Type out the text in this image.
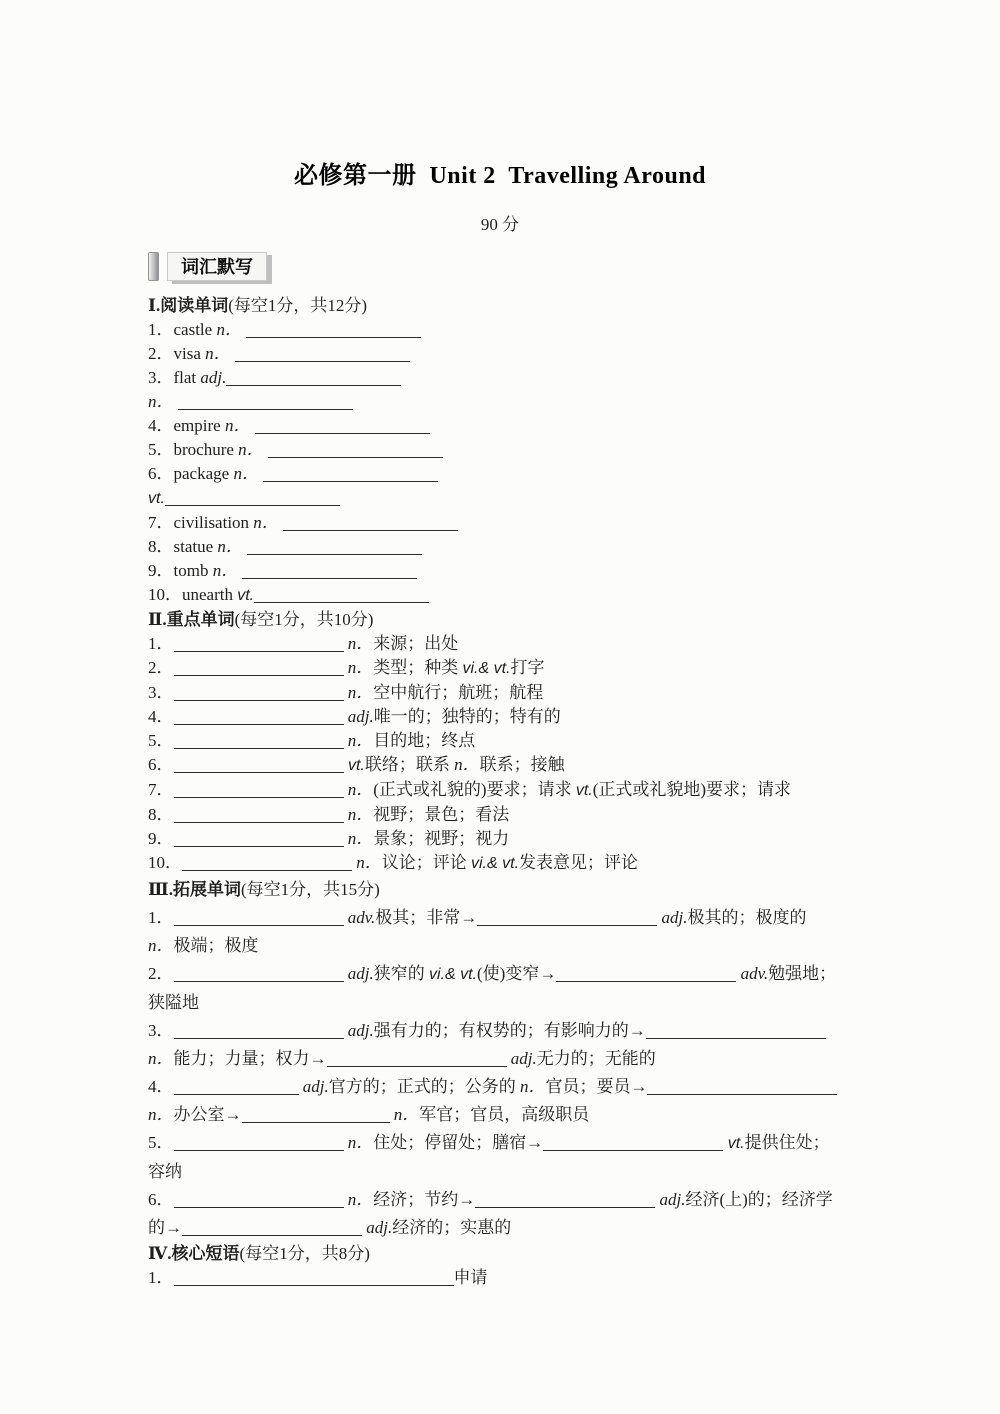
必修第一册  Unit 2  Travelling Around
90 分
词汇默写
Ⅰ.阅读单词(每空1分，共12分)
1．castle n．
2．visa n．
3．flat adj.
n．
4．empire n．
5．brochure n．
6．package n．
vt.
7．civilisation n．
8．statue n．
9．tomb n．
10．unearth vt.
Ⅱ.重点单词(每空1分，共10分)
1．	n．来源；出处
2．	n．类型；种类 vi.& vt.打字
3．	n．空中航行；航班；航程
4．	adj.唯一的；独特的；特有的
5．	n．目的地；终点
6．	vt.联络；联系 n．联系；接触
7．	n．(正式或礼貌的)要求；请求 vt.(正式或礼貌地)要求；请求
8．	n．视野；景色；看法
9．	n．景象；视野；视力
10．	n．议论；评论 vi.& vt.发表意见；评论
Ⅲ.拓展单词(每空1分，共15分)
1．	adv.极其；非常→	adj.极其的；极度的
n．极端；极度
2．	adj.狭窄的 vi.& vt.(使)变窄→	adv.勉强地；
狭隘地
3．	adj.强有力的；有权势的；有影响力的→
n．能力；力量；权力→	adj.无力的；无能的
4．	adj.官方的；正式的；公务的 n．官员；要员→
n．办公室→	n．军官；官员，高级职员
5．	n．住处；停留处；膳宿→	vt.提供住处；
容纳
6．	n．经济；节约→	adj.经济(上)的；经济学
的→	adj.经济的；实惠的
Ⅳ.核心短语(每空1分，共8分)
1．	申请
